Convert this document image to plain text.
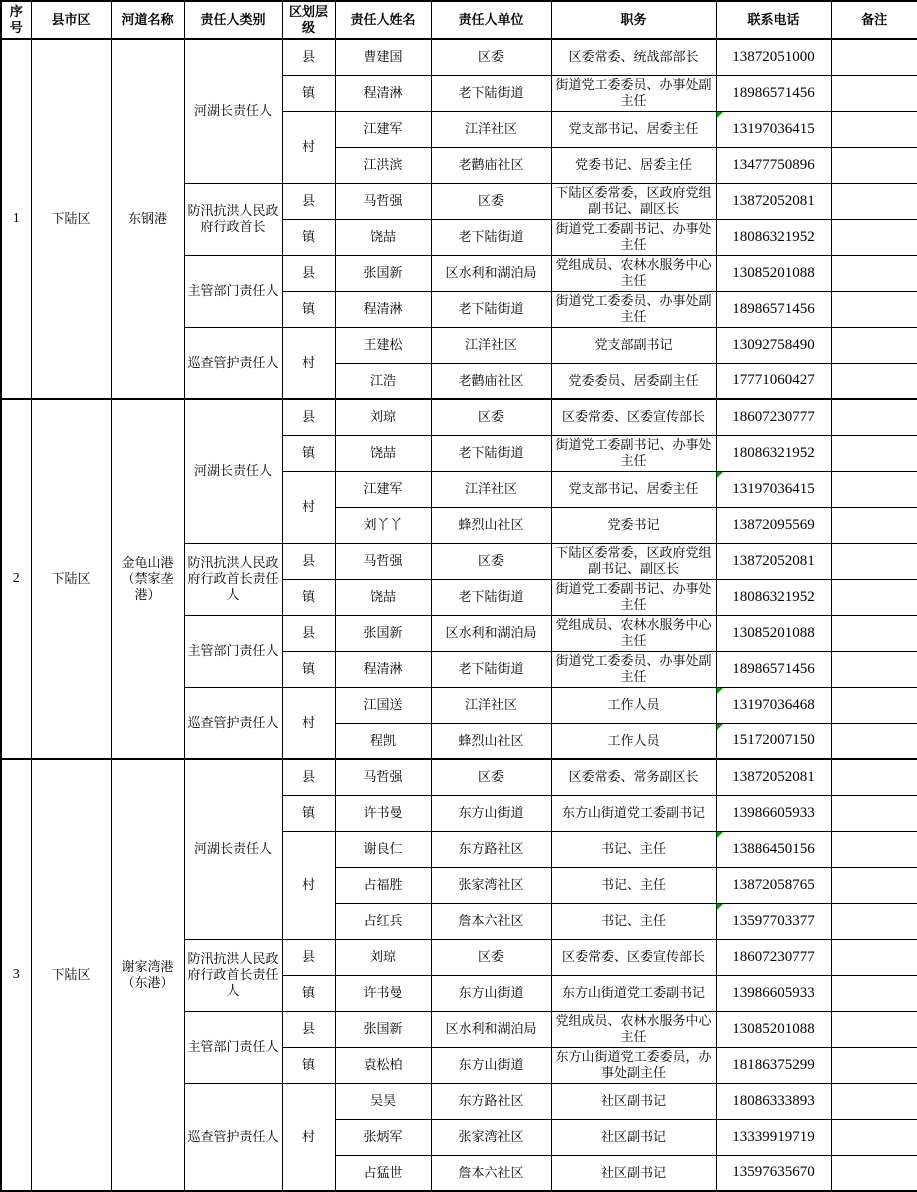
序号	县市区	河道名称	责任人类别	区划层级	责任人姓名	责任人单位	职务	联系电话	备注
1	下陆区	东钢港	河湖长责任人	县	曹建国	区委	区委常委、统战部部长	13872051000	
				镇	程清淋	老下陆街道	街道党工委委员、办事处副主任	18986571456	
				村	江建军	江洋社区	党支部书记、居委主任	13197036415

					江洪滨	老鹳庙社区	党委书记、居委主任	13477750896	
			防汛抗洪人民政府行政首长	县	马哲强	区委	下陆区委常委，区政府党组副书记、副区长	13872052081	
				镇	饶喆	老下陆街道	街道党工委副书记、办事处主任	18086321952	
			主管部门责任人	县	张国新	区水利和湖泊局	党组成员、农林水服务中心主任	13085201088	
				镇	程清淋	老下陆街道	街道党工委委员、办事处副主任	18986571456	
			巡查管护责任人	村	王建松	江洋社区	党支部副书记	13092758490	
					江浩	老鹳庙社区	党委委员、居委副主任	17771060427	
2	下陆区	金龟山港（禁家垄港）	河湖长责任人	县	刘琼	区委	区委常委、区委宣传部长	18607230777	
				镇	饶喆	老下陆街道	街道党工委副书记、办事处主任	18086321952	
				村	江建军	江洋社区	党支部书记、居委主任	13197036415

					刘丫丫	蜂烈山社区	党委书记	13872095569	
			防汛抗洪人民政府行政首长责任人	县	马哲强	区委	下陆区委常委，区政府党组副书记、副区长	13872052081	
				镇	饶喆	老下陆街道	街道党工委副书记、办事处主任	18086321952	
			主管部门责任人	县	张国新	区水利和湖泊局	党组成员、农林水服务中心主任	13085201088	
				镇	程清淋	老下陆街道	街道党工委委员、办事处副主任	18986571456	
			巡查管护责任人	村	江国送	江洋社区	工作人员	13197036468

					程凯	蜂烈山社区	工作人员	15172007150

3	下陆区	谢家湾港（东港）	河湖长责任人	县	马哲强	区委	区委常委、常务副区长	13872052081	
				镇	许书曼	东方山街道	东方山街道党工委副书记	13986605933	
				村	谢良仁	东方路社区	书记、主任	13886450156

					占福胜	张家湾社区	书记、主任	13872058765	
					占红兵	詹本六社区	书记、主任	13597703377

			防汛抗洪人民政府行政首长责任人	县	刘琼	区委	区委常委、区委宣传部长	18607230777	
				镇	许书曼	东方山街道	东方山街道党工委副书记	13986605933	
			主管部门责任人	县	张国新	区水利和湖泊局	党组成员、农林水服务中心主任	13085201088	
				镇	袁松柏	东方山街道	东方山街道党工委委员，办事处副主任	18186375299	
			巡查管护责任人	村	吴昊	东方路社区	社区副书记	18086333893	
					张炳军	张家湾社区	社区副书记	13339919719	
					占猛世	詹本六社区	社区副书记	13597635670	
